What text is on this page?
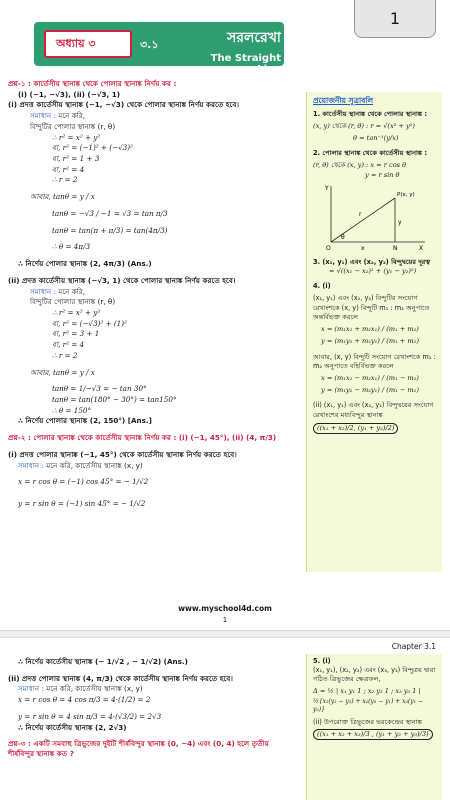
1
অধ্যায় ৩	৩.১	সরলরেখা
The Straight Line
প্রশ্ন-১ : কার্তেসীয় স্থানাঙ্ক থেকে পোলার স্থানাঙ্ক নির্ণয় কর :
(i) (−1, −√3), (ii) (−√3, 1)
(i) প্রদত্ত কার্তেসীয় স্থানাঙ্ক (−1, −√3) থেকে পোলার স্থানাঙ্ক নির্ণয় করতে হবে।
সমাধান : মনে করি,
বিন্দুটির পোলার স্থানাঙ্ক (r, θ)
∴ r² = x² + y²
বা, r² = (−1)² + (−√3)²
বা, r² = 1 + 3
বা, r² = 4
∴ r = 2
আবার, tanθ = y / x
tanθ = −√3 / −1 = √3 = tan π/3
tanθ = tan(π + π/3) = tan(4π/3)
∴ θ = 4π/3
∴ নির্ণেয় পোলার স্থানাঙ্ক (2, 4π/3) (Ans.)
(ii) প্রদত্ত কার্তেসীয় স্থানাঙ্ক (−√3, 1) থেকে পোলার স্থানাঙ্ক নির্ণয় করতে হবে।
সমাধান : মনে করি,
বিন্দুটির পোলার স্থানাঙ্ক (r, θ)
∴ r² = x² + y²
বা, r² = (−√3)² + (1)²
বা, r² = 3 + 1
বা, r² = 4
∴ r = 2
আবার, tanθ = y / x
tanθ = 1/−√3 = − tan 30°
tanθ = tan(180° − 30°) = tan150°
∴ θ = 150°
∴ নির্ণেয় পোলার স্থানাঙ্ক (2, 150°) [Ans.]
প্রশ্ন-২ : পোলার স্থানাঙ্ক থেকে কার্তেসীয় স্থানাঙ্ক নির্ণয় কর : (i) (−1, 45°), (ii) (4, π/3)
(i) প্রদত্ত পোলার স্থানাঙ্ক (−1, 45°) থেকে কার্তেসীয় স্থানাঙ্ক নির্ণয় করতে হবে।
সমাধান : মনে করি, কার্তেসীয় স্থানাঙ্ক (x, y)
x = r cos θ = (−1) cos 45° = − 1/√2
y = r sin θ = (−1) sin 45° = − 1/√2
প্রয়োজনীয় সূত্রাবলি
1. কার্তেসীয় স্থানাঙ্ক থেকে পোলার স্থানাঙ্ক :
(x, y) থেকে (r, θ) : r = √(x² + y²)
θ = tan⁻¹(y/x)
2. পোলার স্থানাঙ্ক থেকে কার্তেসীয় স্থানাঙ্ক :
(r, θ) থেকে (x, y) : x = r cos θ
y = r sin θ
Y
P(x, y)
r
θ
O	x	N	X
y
3. (x₁, y₁) এবং (x₂, y₂) বিন্দুদ্বয়ের দূরত্ব
= √((x₁ − x₂)² + (y₁ − y₂)²)
4. (i)
(x₁, y₁) এবং (x₂, y₂) বিন্দুটির সংযোগ রেখাংশকে (x, y) বিন্দুটি m₁ : m₂ অনুপাতে অন্তর্বিভক্ত করলে
x = (m₁x₂ + m₂x₁) / (m₁ + m₂)
y = (m₁y₂ + m₂y₁) / (m₁ + m₂)
আবার, (x, y) বিন্দুটি সংযোগ রেখাংশকে m₁ : m₂ অনুপাতে বহির্বিভক্ত করলে
x = (m₁x₂ − m₂x₁) / (m₁ − m₂)
y = (m₁y₂ − m₂y₁) / (m₁ − m₂)
(ii) (x₁, y₁) এবং (x₂, y₂) বিন্দুদ্বয়ের সংযোগ রেখাংশের মধ্যবিন্দুর স্থানাঙ্ক
((x₁ + x₂)/2, (y₁ + y₂)/2)
www.myschool4d.com
1
Chapter 3.1
∴ নির্ণেয় কার্তেসীয় স্থানাঙ্ক (− 1/√2 , − 1/√2) (Ans.)
(ii) প্রদত্ত পোলার স্থানাঙ্ক (4, π/3) থেকে কার্তেসীয় স্থানাঙ্ক নির্ণয় করতে হবে।
সমাধান : মনে করি, কার্তেসীয় স্থানাঙ্ক (x, y)
x = r cos θ = 4 cos π/3 = 4·(1/2) = 2
y = r sin θ = 4 sin π/3 = 4·(√3/2) = 2√3
∴ নির্ণেয় কার্তেসীয় স্থানাঙ্ক (2, 2√3)
প্রশ্ন-৩ : একটি সমবাহু ত্রিভুজের দুইটি শীর্ষবিন্দুর স্থানাঙ্ক (0, −4) এবং (0, 4) হলে তৃতীয় শীর্ষবিন্দুর স্থানাঙ্ক কত ?
5. (i)
(x₁, y₁), (x₂, y₂) এবং (x₃, y₃) বিন্দুত্রয় দ্বারা গঠিত ত্রিভুজের ক্ষেত্রফল,
Δ = ½ | x₁ y₁ 1 ; x₂ y₂ 1 ; x₃ y₃ 1 |
½{x₁(y₂ − y₃) + x₂(y₃ − y₁) + x₃(y₁ − y₂)}
(ii) উপরোক্ত ত্রিভুজের ভরকেন্দ্রের স্থানাঙ্ক
((x₁ + x₂ + x₃)/3 , (y₁ + y₂ + y₃)/3)
